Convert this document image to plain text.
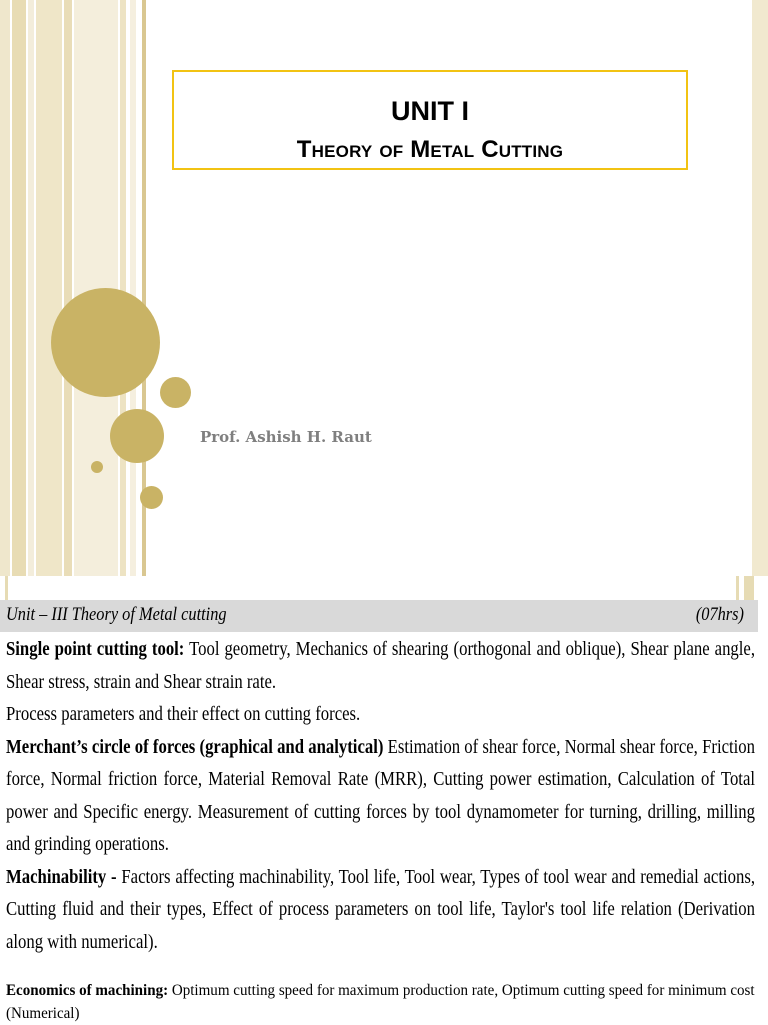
UNIT I
Theory of Metal Cutting
Prof. Ashish H. Raut
Unit – III Theory of Metal cutting	(07hrs)

Single point cutting tool: Tool geometry, Mechanics of shearing (orthogonal and oblique), Shear plane angle, Shear stress, strain and Shear strain rate.

Process parameters and their effect on cutting forces.

Merchant’s circle of forces (graphical and analytical) Estimation of shear force, Normal shear force, Friction force, Normal friction force, Material Removal Rate (MRR), Cutting power estimation, Calculation of Total power and Specific energy. Measurement of cutting forces by tool dynamometer for turning, drilling, milling and grinding operations.

Machinability - Factors affecting machinability, Tool life, Tool wear, Types of tool wear and remedial actions, Cutting fluid and their types, Effect of process parameters on tool life, Taylor's tool life relation (Derivation along with numerical).

Economics of machining: Optimum cutting speed for maximum production rate, Optimum cutting speed for minimum cost (Numerical)
